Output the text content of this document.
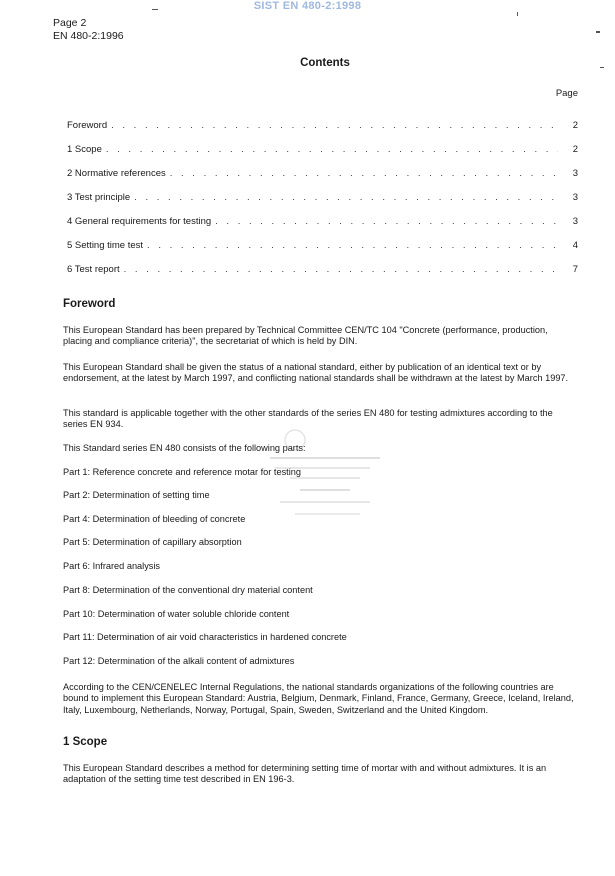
SIST EN 480-2:1998
Page 2
EN 480-2:1996
Contents
Page
Foreword . . .	2
1 Scope . . .	2
2 Normative references . . .	3
3 Test principle . . .	3
4 General requirements for testing . . .	3
5 Setting time test . . .	4
6 Test report . . .	7
Foreword

This European Standard has been prepared by Technical Committee CEN/TC 104 "Concrete (performance, production, placing and compliance criteria)", the secretariat of which is held by DIN.

This European Standard shall be given the status of a national standard, either by publication of an identical text or by endorsement, at the latest by March 1997, and conflicting national standards shall be withdrawn at the latest by March 1997.

This standard is applicable together with the other standards of the series EN 480 for testing admixtures according to the series EN 934.

This Standard series EN 480 consists of the following parts:

Part 1: Reference concrete and reference motar for testing

Part 2: Determination of setting time

Part 4: Determination of bleeding of concrete

Part 5: Determination of capillary absorption

Part 6: Infrared analysis

Part 8: Determination of the conventional dry material content

Part 10: Determination of water soluble chloride content

Part 11: Determination of air void characteristics in hardened concrete

Part 12: Determination of the alkali content of admixtures

According to the CEN/CENELEC Internal Regulations, the national standards organizations of the following countries are bound to implement this European Standard: Austria, Belgium, Denmark, Finland, France, Germany, Greece, Iceland, Ireland, Italy, Luxembourg, Netherlands, Norway, Portugal, Spain, Sweden, Switzerland and the United Kingdom.

1 Scope

This European Standard describes a method for determining setting time of mortar with and without admixtures. It is an adaptation of the setting time test described in EN 196-3.
